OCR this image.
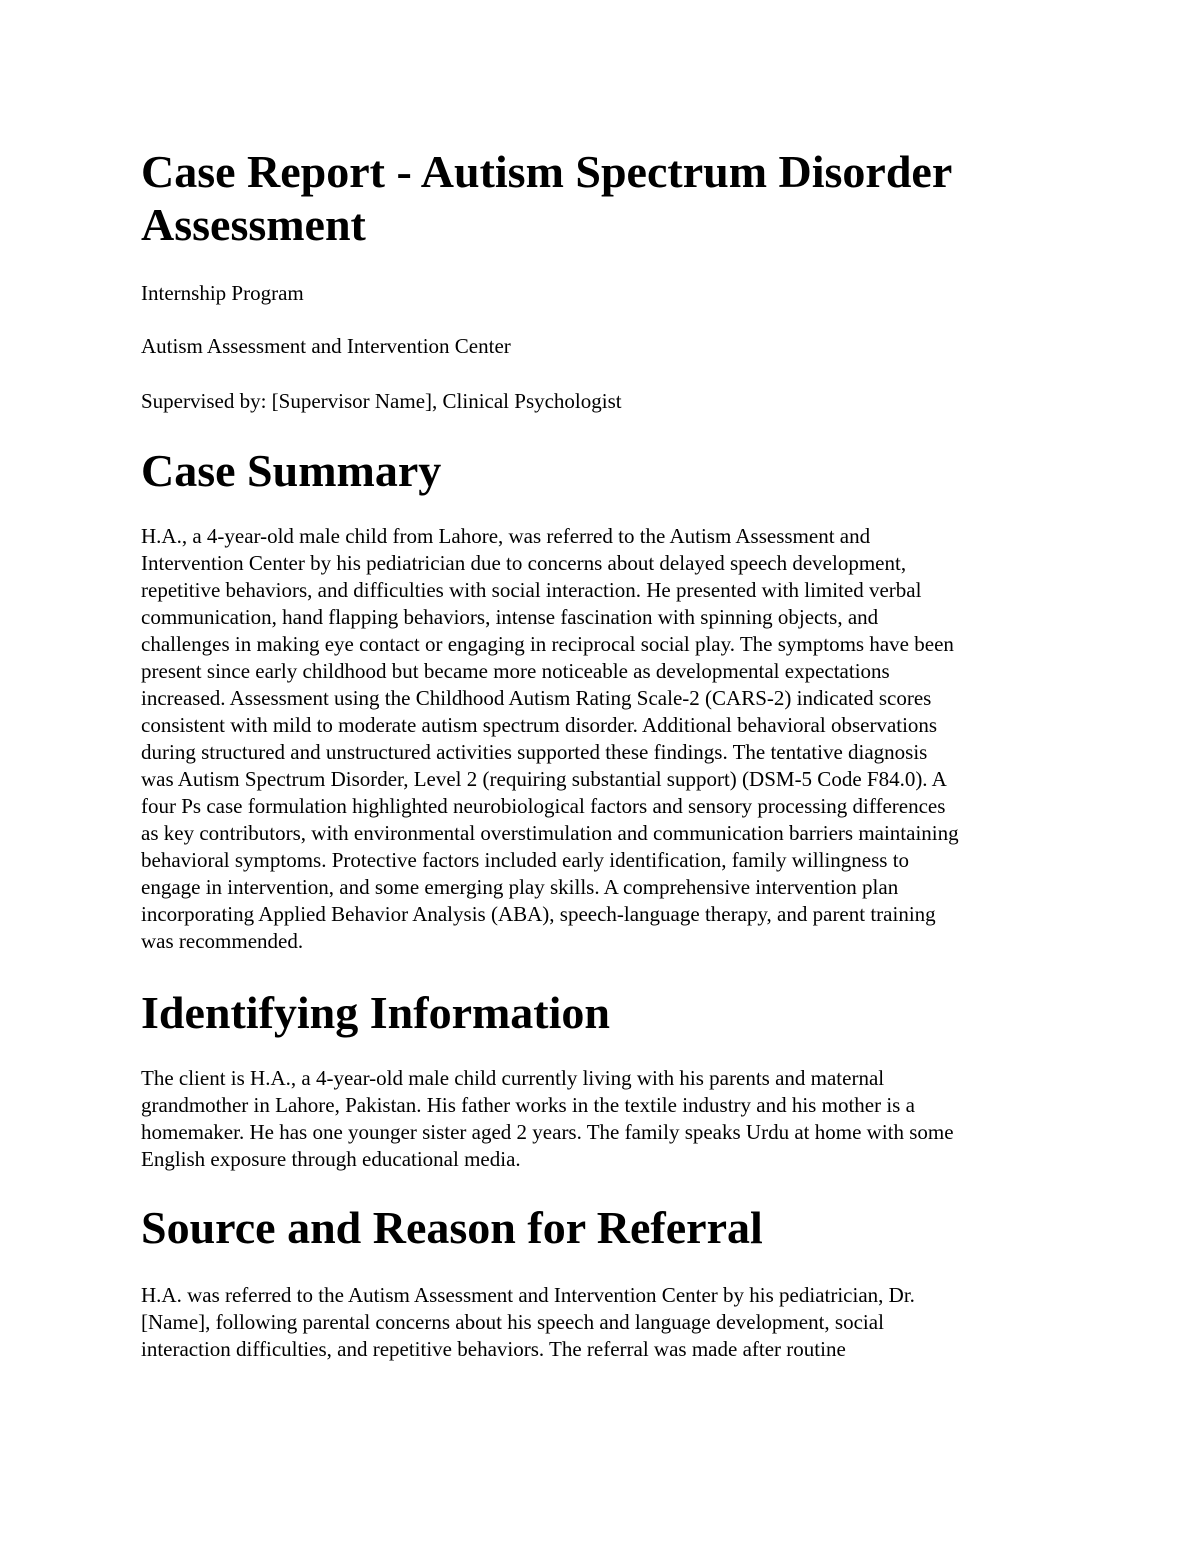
Case Report - Autism Spectrum Disorder Assessment

Internship Program

Autism Assessment and Intervention Center

Supervised by: [Supervisor Name], Clinical Psychologist

Case Summary
H.A., a 4-year-old male child from Lahore, was referred to the Autism Assessment and
Intervention Center by his pediatrician due to concerns about delayed speech development,
repetitive behaviors, and difficulties with social interaction. He presented with limited verbal
communication, hand flapping behaviors, intense fascination with spinning objects, and
challenges in making eye contact or engaging in reciprocal social play. The symptoms have been
present since early childhood but became more noticeable as developmental expectations
increased. Assessment using the Childhood Autism Rating Scale-2 (CARS-2) indicated scores
consistent with mild to moderate autism spectrum disorder. Additional behavioral observations
during structured and unstructured activities supported these findings. The tentative diagnosis
was Autism Spectrum Disorder, Level 2 (requiring substantial support) (DSM-5 Code F84.0). A
four Ps case formulation highlighted neurobiological factors and sensory processing differences
as key contributors, with environmental overstimulation and communication barriers maintaining
behavioral symptoms. Protective factors included early identification, family willingness to
engage in intervention, and some emerging play skills. A comprehensive intervention plan
incorporating Applied Behavior Analysis (ABA), speech-language therapy, and parent training
was recommended.
Identifying Information
The client is H.A., a 4-year-old male child currently living with his parents and maternal
grandmother in Lahore, Pakistan. His father works in the textile industry and his mother is a
homemaker. He has one younger sister aged 2 years. The family speaks Urdu at home with some
English exposure through educational media.
Source and Reason for Referral
H.A. was referred to the Autism Assessment and Intervention Center by his pediatrician, Dr.
[Name], following parental concerns about his speech and language development, social
interaction difficulties, and repetitive behaviors. The referral was made after routine
